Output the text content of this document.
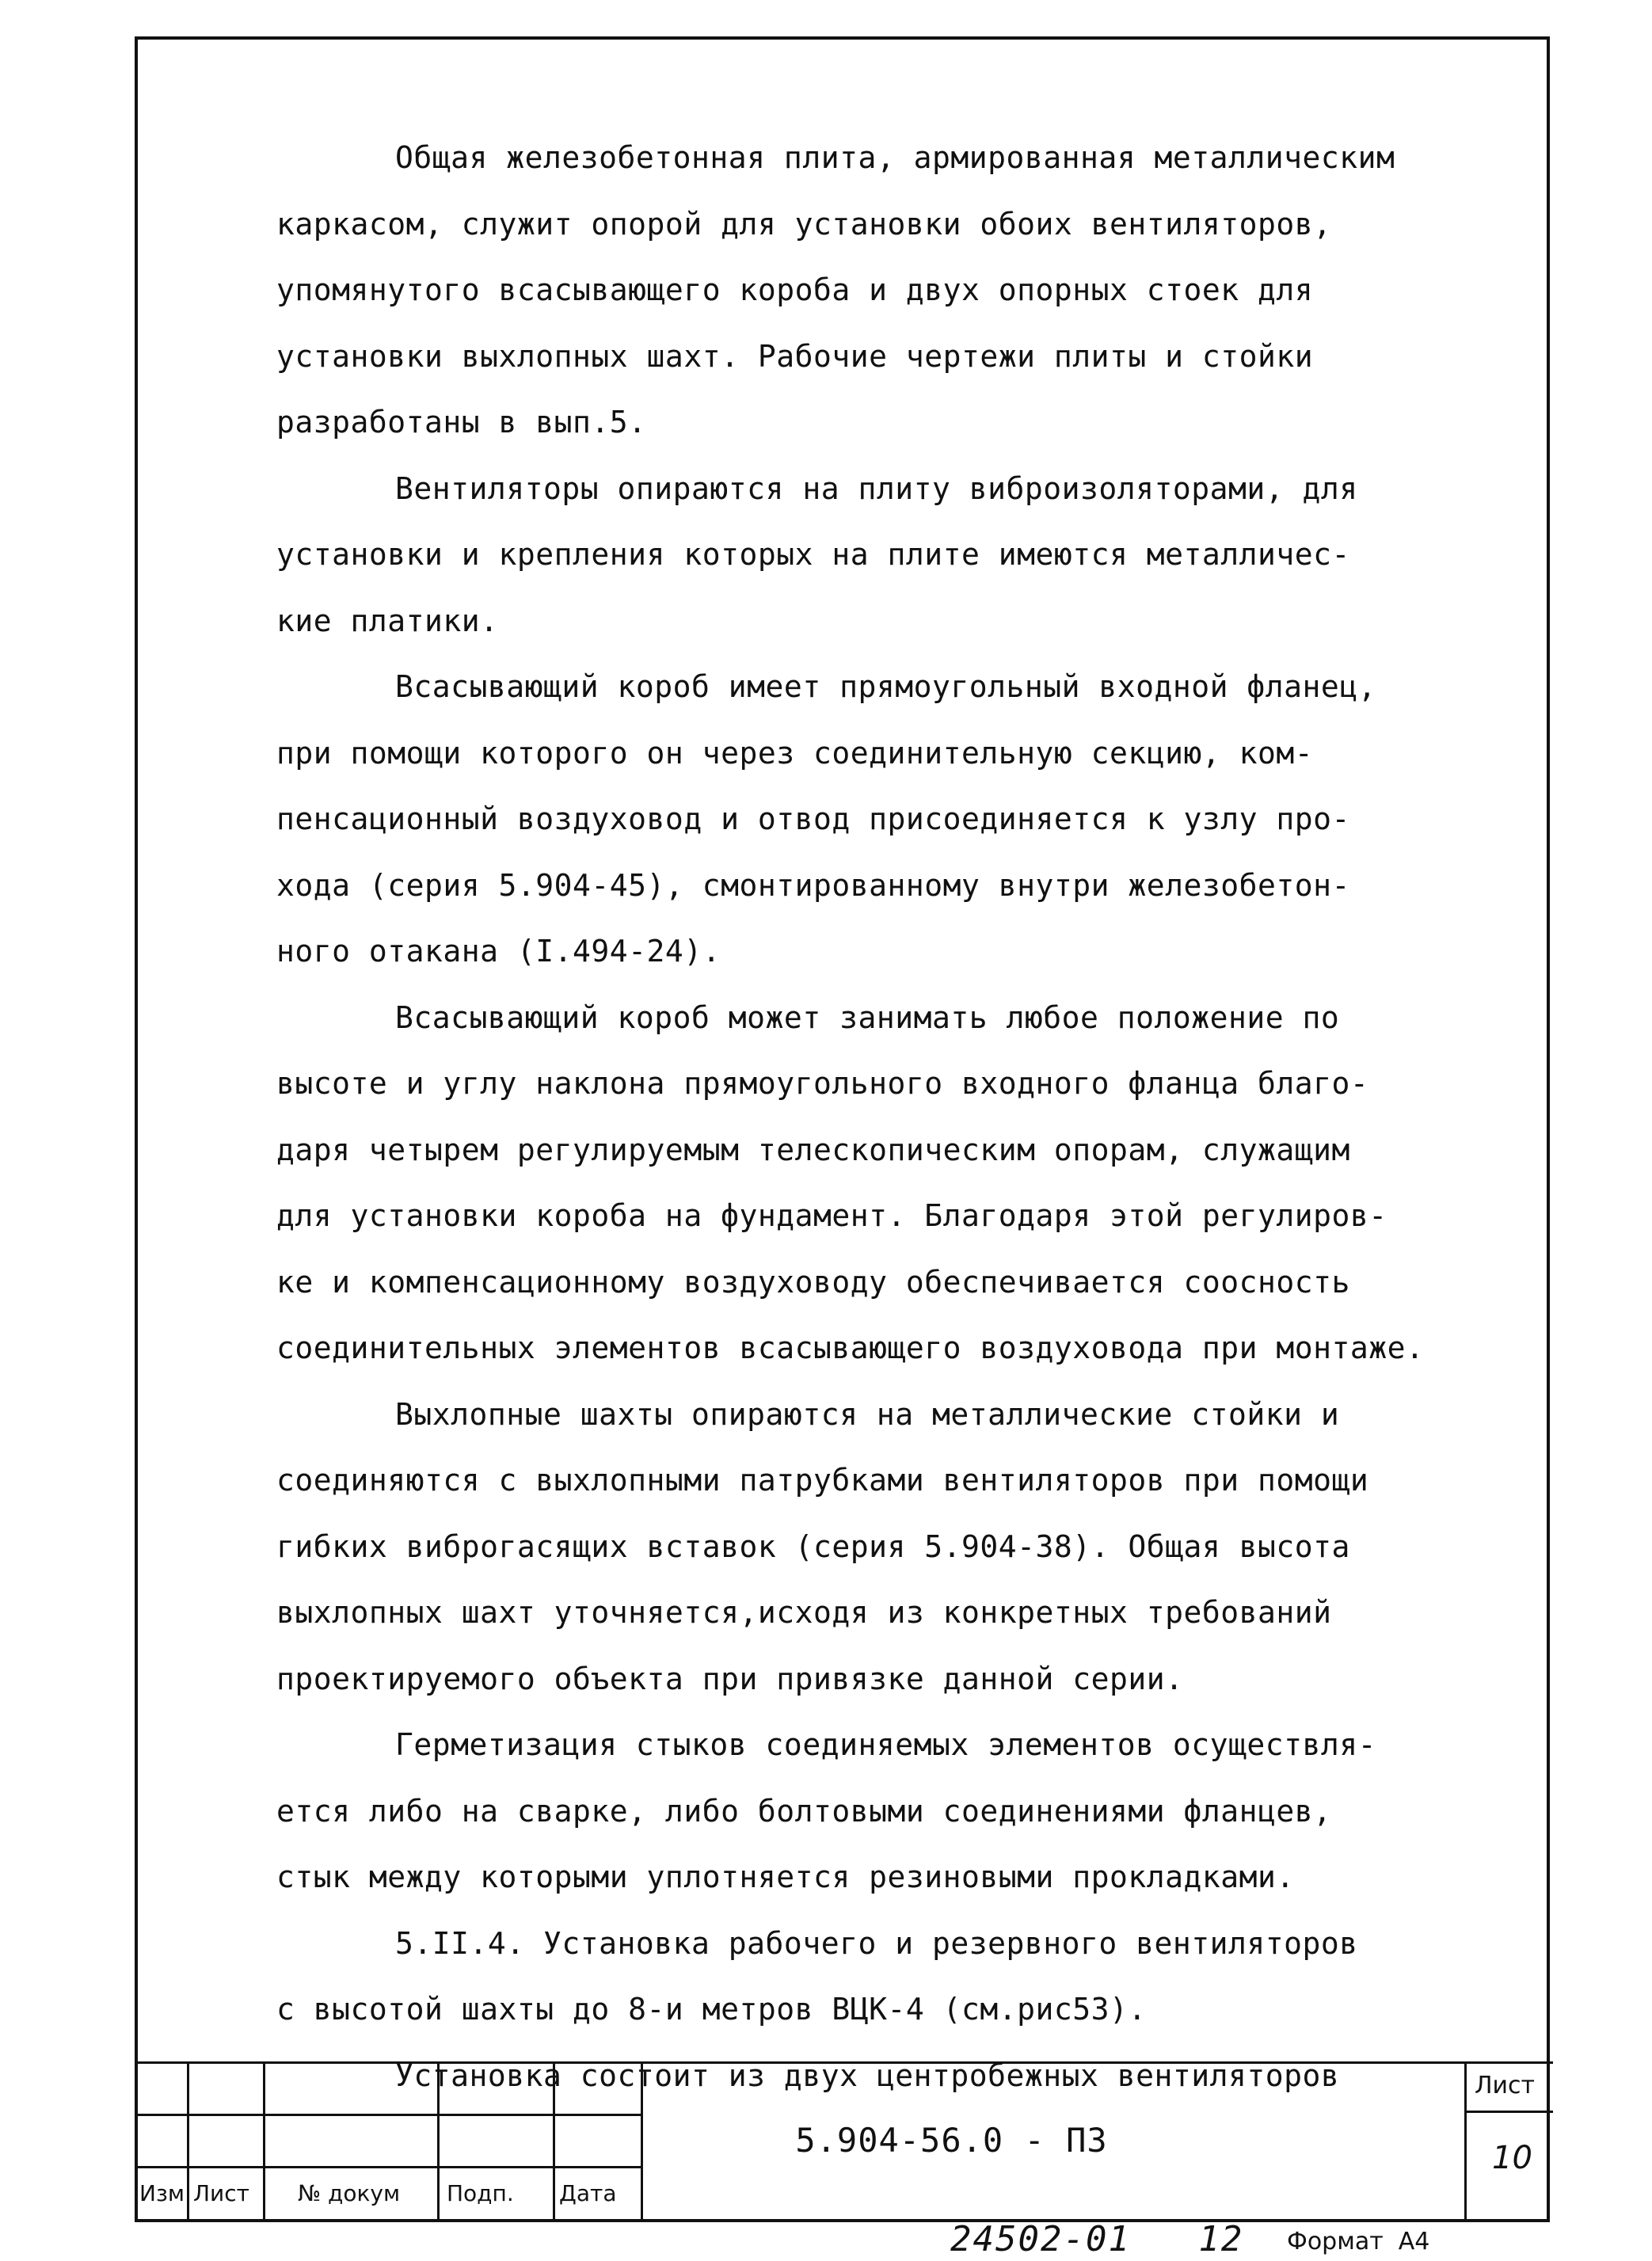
Общая железобетонная плита, армированная металлическим
каркасом, служит опорой для установки обоих вентиляторов,
упомянутого всасывающего короба и двух опорных стоек для
установки выхлопных шахт. Рабочие чертежи плиты и стойки
разработаны в вып.5.
Вентиляторы опираются на плиту виброизоляторами, для
установки и крепления которых на плите имеются металличес-
кие платики.
Всасывающий короб имеет прямоугольный входной фланец,
при помощи которого он через соединительную секцию, ком-
пенсационный воздуховод и отвод присоединяется к узлу про-
хода (серия 5.904-45), смонтированному внутри железобетон-
ного отакана (I.494-24).
Всасывающий короб может занимать любое положение по
высоте и углу наклона прямоугольного входного фланца благо-
даря четырем регулируемым телескопическим опорам, служащим
для установки короба на фундамент. Благодаря этой регулиров-
ке и компенсационному воздуховоду обеспечивается соосность
соединительных элементов всасывающего воздуховода при монтаже.
Выхлопные шахты опираются на металлические стойки и
соединяются с выхлопными патрубками вентиляторов при помощи
гибких виброгасящих вставок (серия 5.904-38). Общая высота
выхлопных шахт уточняется,исходя из конкретных требований
проектируемого объекта при привязке данной серии.
Герметизация стыков соединяемых элементов осуществля-
ется либо на сварке, либо болтовыми соединениями фланцев,
стык между которыми уплотняется резиновыми прокладками.
5.II.4. Установка рабочего и резервного вентиляторов
с высотой шахты до 8-и метров ВЦК-4 (см.рис53).
Установка состоит из двух центробежных вентиляторов
Изм Лист № докум Подп. Дата
5.904-56.0 - ПЗ
Лист
10
24502-01   12 Формат  А4
